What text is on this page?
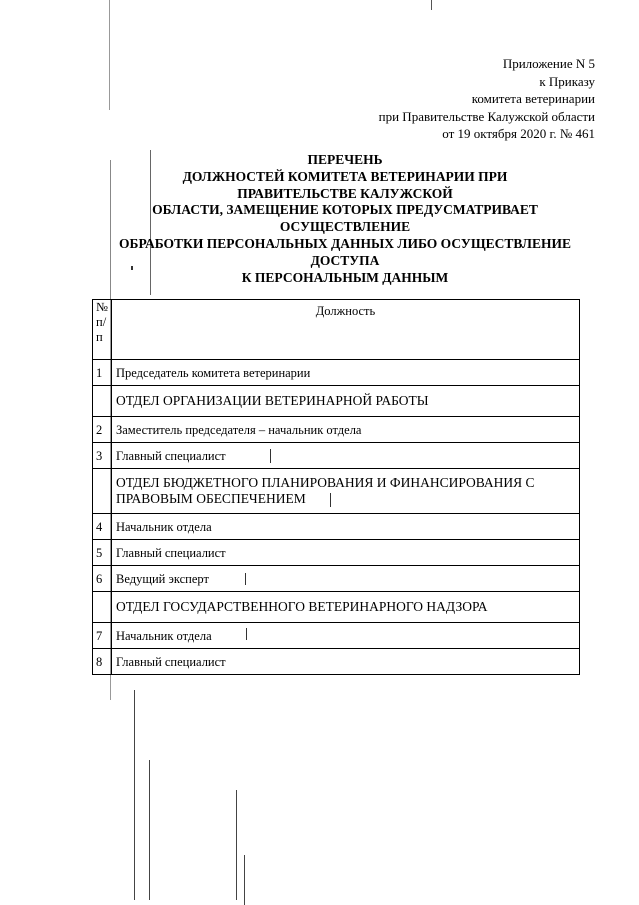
Приложение N 5
к Приказу
комитета ветеринарии
при Правительстве Калужской области
от 19 октября 2020 г. № 461
ПЕРЕЧЕНЬ
ДОЛЖНОСТЕЙ КОМИТЕТА ВЕТЕРИНАРИИ ПРИ
ПРАВИТЕЛЬСТВЕ КАЛУЖСКОЙ
ОБЛАСТИ, ЗАМЕЩЕНИЕ КОТОРЫХ ПРЕДУСМАТРИВАЕТ
ОСУЩЕСТВЛЕНИЕ
ОБРАБОТКИ ПЕРСОНАЛЬНЫХ ДАННЫХ ЛИБО ОСУЩЕСТВЛЕНИЕ
ДОСТУПА
К ПЕРСОНАЛЬНЫМ ДАННЫМ
№
п/
п	Должность
1	Председатель комитета ветеринарии
	ОТДЕЛ ОРГАНИЗАЦИИ ВЕТЕРИНАРНОЙ РАБОТЫ
2	Заместитель председателя – начальник отдела
3	Главный специалист
	ОТДЕЛ БЮДЖЕТНОГО ПЛАНИРОВАНИЯ И ФИНАНСИРОВАНИЯ С ПРАВОВЫМ ОБЕСПЕЧЕНИЕМ
4	Начальник отдела
5	Главный специалист
6	Ведущий эксперт
	ОТДЕЛ ГОСУДАРСТВЕННОГО ВЕТЕРИНАРНОГО НАДЗОРА
7	Начальник отдела
8	Главный специалист
